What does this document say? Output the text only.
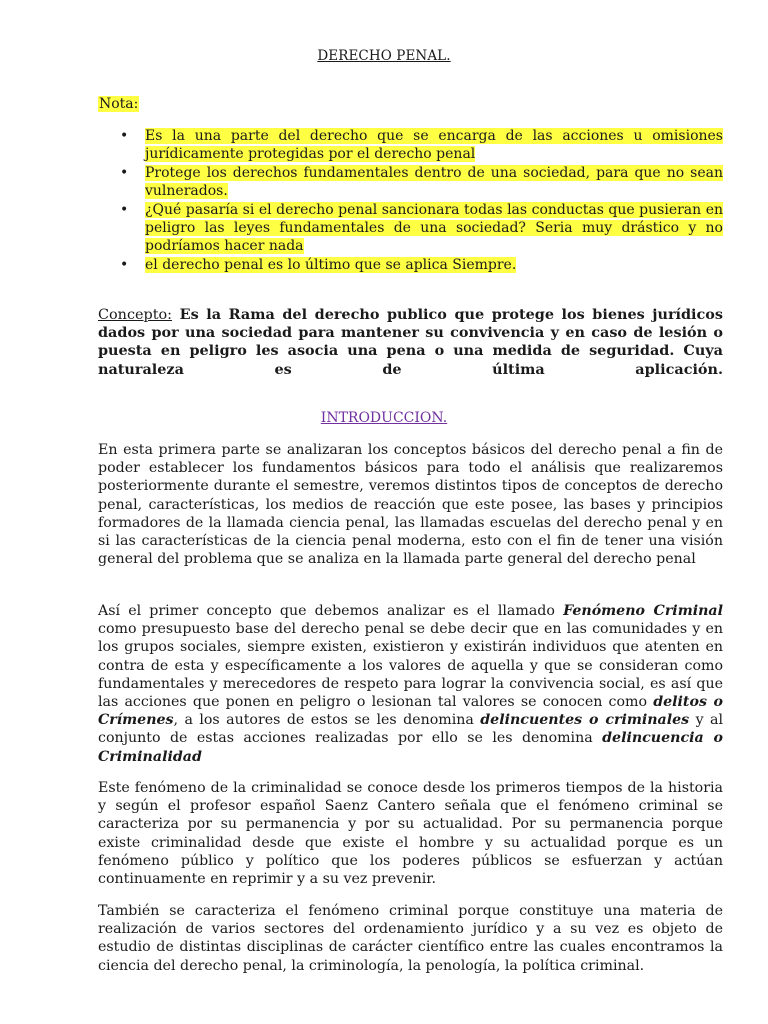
DERECHO PENAL.
Nota:
• Es la una parte del derecho que se encarga de las acciones u omisiones jurídicamente protegidas por el derecho penal
• Protege los derechos fundamentales dentro de una sociedad, para que no sean vulnerados.
• ¿Qué pasaría si el derecho penal sancionara todas las conductas que pusieran en peligro las leyes fundamentales de una sociedad? Seria muy drástico y no podríamos hacer nada
• el derecho penal es lo último que se aplica Siempre.
Concepto: Es la Rama del derecho publico que protege los bienes jurídicos dados por una sociedad para mantener su convivencia y en caso de lesión o puesta en peligro les asocia una pena o una medida de seguridad. Cuya naturaleza es de última aplicación.
INTRODUCCION.

En esta primera parte se analizaran los conceptos básicos del derecho penal a fin de poder establecer los fundamentos básicos para todo el análisis que realizaremos posteriormente durante el semestre, veremos distintos tipos de conceptos de derecho penal, características, los medios de reacción que este posee, las bases y principios formadores de la llamada ciencia penal, las llamadas escuelas del derecho penal y en si las características de la ciencia penal moderna, esto con el fin de tener una visión general del problema que se analiza en la llamada parte general del derecho penal

Así el primer concepto que debemos analizar es el llamado Fenómeno Criminal como presupuesto base del derecho penal se debe decir que en las comunidades y en los grupos sociales, siempre existen, existieron y existirán individuos que atenten en contra de esta y específicamente a los valores de aquella y que se consideran como fundamentales y merecedores de respeto para lograr la convivencia social, es así que las acciones que ponen en peligro o lesionan tal valores se conocen como delitos o Crímenes, a los autores de estos se les denomina delincuentes o criminales y al conjunto de estas acciones realizadas por ello se les denomina delincuencia o Criminalidad

Este fenómeno de la criminalidad se conoce desde los primeros tiempos de la historia y según el profesor español Saenz Cantero señala que el fenómeno criminal se caracteriza por su permanencia y por su actualidad. Por su permanencia porque existe criminalidad desde que existe el hombre y su actualidad porque es un fenómeno público y político que los poderes públicos se esfuerzan y actúan continuamente en reprimir y a su vez prevenir.

También se caracteriza el fenómeno criminal porque constituye una materia de realización de varios sectores del ordenamiento jurídico y a su vez es objeto de estudio de distintas disciplinas de carácter científico entre las cuales encontramos la ciencia del derecho penal, la criminología, la penología, la política criminal.
